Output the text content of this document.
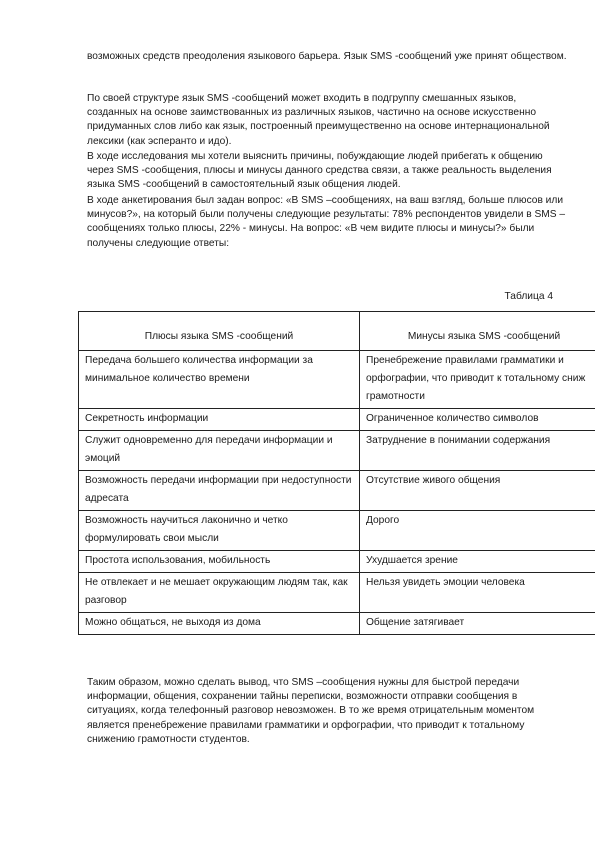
возможных средств преодоления языкового барьера. Язык SMS -сообщений уже принят обществом.

По своей структуре язык SMS -сообщений может входить в подгруппу смешанных языков, созданных на основе заимствованных из различных языков, частично на основе искусственно придуманных слов либо как язык, построенный преимущественно на основе интернациональной лексики (как эсперанто и идо).

В ходе исследования мы хотели выяснить причины, побуждающие людей прибегать к общению через SMS -сообщения, плюсы и минусы данного средства связи, а также реальность выделения языка SMS -сообщений в самостоятельный язык общения людей.

В ходе анкетирования был задан вопрос: «В SMS –сообщениях, на ваш взгляд, больше плюсов или минусов?», на который были получены следующие результаты: 78% респондентов увидели в SMS –сообщениях только плюсы, 22% - минусы. На вопрос: «В чем видите плюсы и минусы?» были получены следующие ответы:

Таблица 4
Плюсы языка SMS -сообщений	Минусы языка SMS -сообщений
Передача большего количества информации за минимальное количество времени	Пренебрежение правилами грамматики и орфографии, что приводит к тотальному сниж грамотности
Секретность информации	Ограниченное количество символов
Служит одновременно для передачи информации и эмоций	Затруднение в понимании содержания
Возможность передачи информации при недоступности адресата	Отсутствие живого общения
Возможность научиться лаконично и четко формулировать свои мысли	Дорого
Простота использования, мобильность	Ухудшается зрение
Не отвлекает и не мешает окружающим людям так, как разговор	Нельзя увидеть эмоции человека
Можно общаться, не выходя из дома	Общение затягивает

Таким образом, можно сделать вывод, что SMS –сообщения нужны для быстрой передачи информации, общения, сохранении тайны переписки, возможности отправки сообщения в ситуациях, когда телефонный разговор невозможен. В то же время отрицательным моментом является пренебрежение правилами грамматики и орфографии, что приводит к тотальному снижению грамотности студентов.
